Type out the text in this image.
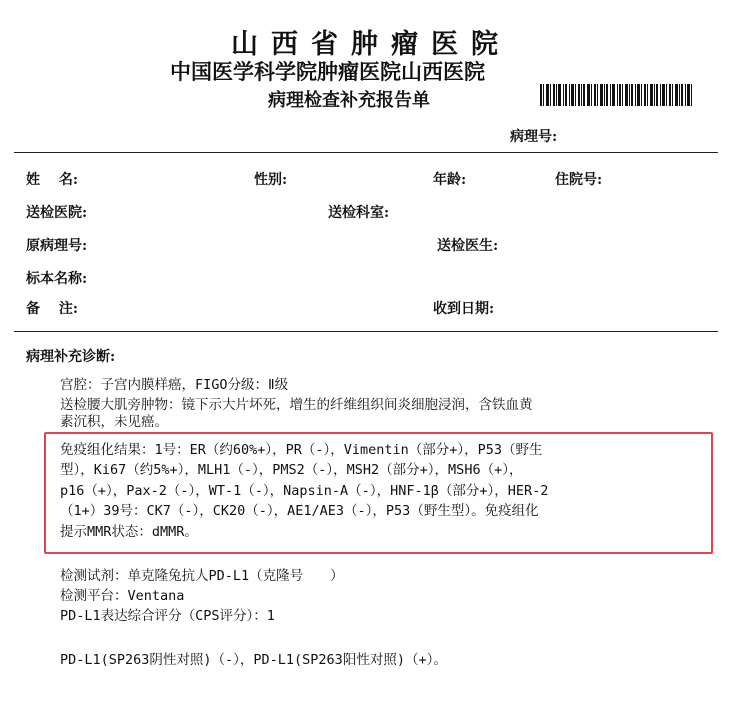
山西省肿瘤医院
中国医学科学院肿瘤医院山西医院
病理检查补充报告单
病理号:
姓　 名:	性别:	年龄:	住院号:
送检医院:	送检科室:
原病理号:	送检医生:
标本名称:
备　 注:	收到日期:
病理补充诊断:
宫腔：子宫内膜样癌，FIGO分级：Ⅱ级
送检腰大肌旁肿物：镜下示大片坏死，增生的纤维组织间炎细胞浸润，含铁血黄
素沉积，未见癌。
免疫组化结果：1号：ER（约60%+），PR（-），Vimentin（部分+），P53（野生
型），Ki67（约5%+），MLH1（-），PMS2（-），MSH2（部分+），MSH6（+），
p16（+），Pax-2（-），WT-1（-），Napsin-A（-），HNF-1β（部分+），HER-2
（1+）39号：CK7（-），CK20（-），AE1/AE3（-），P53（野生型）。免疫组化
提示MMR状态：dMMR。
检测试剂：单克隆兔抗人PD-L1（克隆号　　）
检测平台：Ventana
PD-L1表达综合评分（CPS评分）：1
PD-L1(SP263阴性对照)（-），PD-L1(SP263阳性对照)（+）。
